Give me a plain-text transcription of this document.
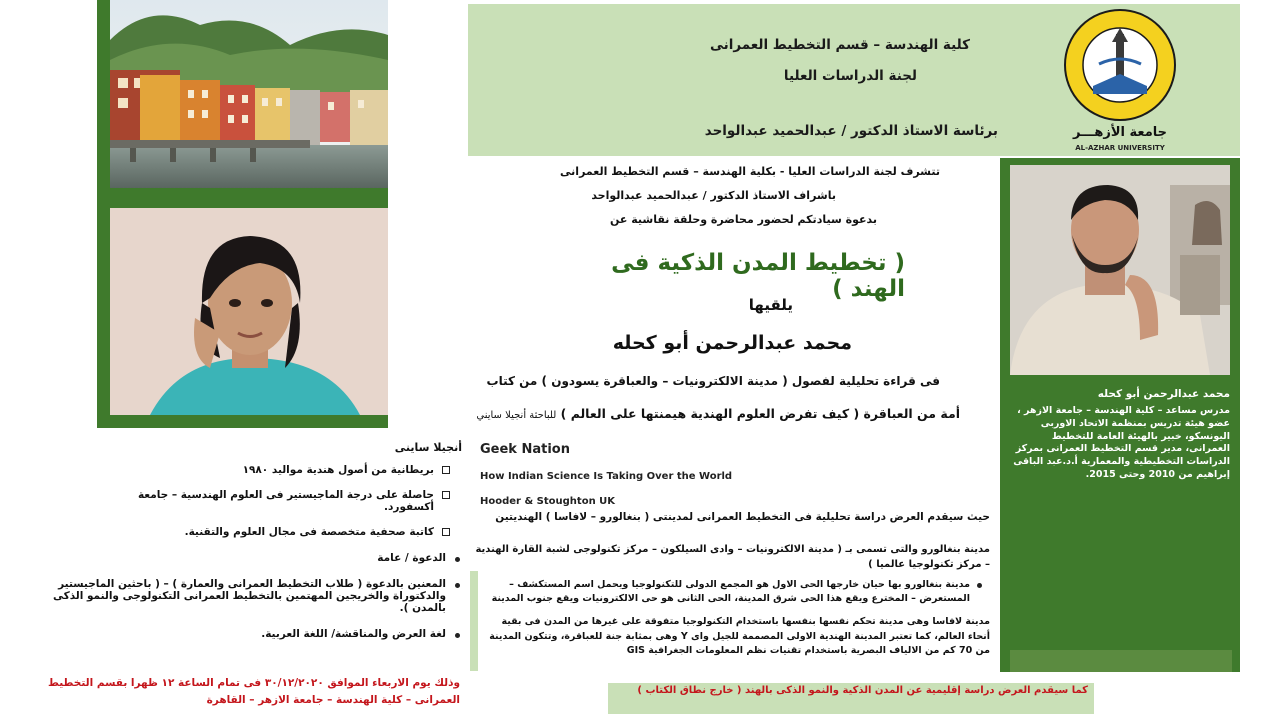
كلية الهندسة – قسم التخطيط العمرانى
لجنة الدراسات العليا
برئاسة الاستاذ الدكتور / عبدالحميد عبدالواحد	جامعة الأزهـــر
AL-AZHAR UNIVERSITY
محمد عبدالرحمن أبو كحله
مدرس مساعد – كلية الهندسة – جامعة الازهر ، عضو هيئة تدريس بمنظمة الاتحاد الاوربى اليونسكو، خبير بالهيئة العامة للتخطيط العمرانى، مدير قسم التخطيط العمرانى بمركز الدراسات التخطيطية والمعمارية أ.د.عبد الباقى إبراهيم من 2010 وحتى 2015.
تتشرف لجنة الدراسات العليا - بكلية الهندسة – قسم التخطيط العمرانى
باشراف الاستاذ الدكتور / عبدالحميد عبدالواحد
بدعوة سيادتكم لحضور محاضرة وحلقة نقاشية عن
( تخطيط المدن الذكية فى الهند )
يلقيها
محمد عبدالرحمن أبو كحله
فى قراءة تحليلية لفصول ( مدينة الالكترونيات – والعباقرة يسودون ) من كتاب
أمة من العباقرة ( كيف تفرض العلوم الهندية هيمنتها على العالم ) للباحثة أنجيلا سايني
Geek Nation
How Indian Science Is Taking Over the World
Hooder & Stoughton UK
أنجيلا ساينى
بريطانية من أصول هندية مواليد ١٩٨٠
حاصلة على درجة الماجيستير فى العلوم الهندسية – جامعة أكسفورد.
كاتبة صحفية متخصصة فى مجال العلوم والتقنية.
الدعوة / عامة
المعنين بالدعوة ( طلاب التخطيط العمرانى والعمارة ) – ( باحثين الماجيستير والدكتوراة والخريجين المهتمين بالتخطيط العمرانى التكنولوجى والنمو الذكى بالمدن ).
لغة العرض والمناقشة/ اللغة العربية.
وذلك يوم الاربعاء الموافق ٣٠/١٢/٢٠٢٠ فى تمام الساعة ١٢ ظهرا بقسم التخطيط العمرانى – كلية الهندسة – جامعة الازهر – القاهرة
حيث سيقدم العرض دراسة تحليلية فى التخطيط العمرانى لمدينتى ( بنغالورو – لافاسا ) الهنديتين
مدينة بنغالورو والتى تسمى بـ ( مدينة الالكترونيات – وادى السيلكون – مركز تكنولوجى لشبة القارة الهندية – مركز تكنولوجيا عالميا )
مدينة بنغالورو بها حيان خارجها الحى الاول هو المجمع الدولى للتكنولوجيا ويحمل اسم المستكشف – المستعرض – المخترع ويقع هذا الحى شرق المدينة، الحى الثانى هو حى الالكترونيات ويقع جنوب المدينة
مدينة لافاسا وهى مدينة تحكم نفسها بنفسها باستخدام التكنولوجيا متفوقة على غيرها من المدن فى بقية أنحاء العالم، كما تعتبر المدينة الهندية الاولى المصممة للجيل واى Y وهى بمثابة جنة للعباقرة، وتتكون المدينة من 70 كم من الالياف البصرية باستخدام تقنيات نظم المعلومات الجغرافية GIS
كما سيقدم العرض دراسة إقليمية عن المدن الذكية والنمو الذكى بالهند ( خارج نطاق الكتاب )
